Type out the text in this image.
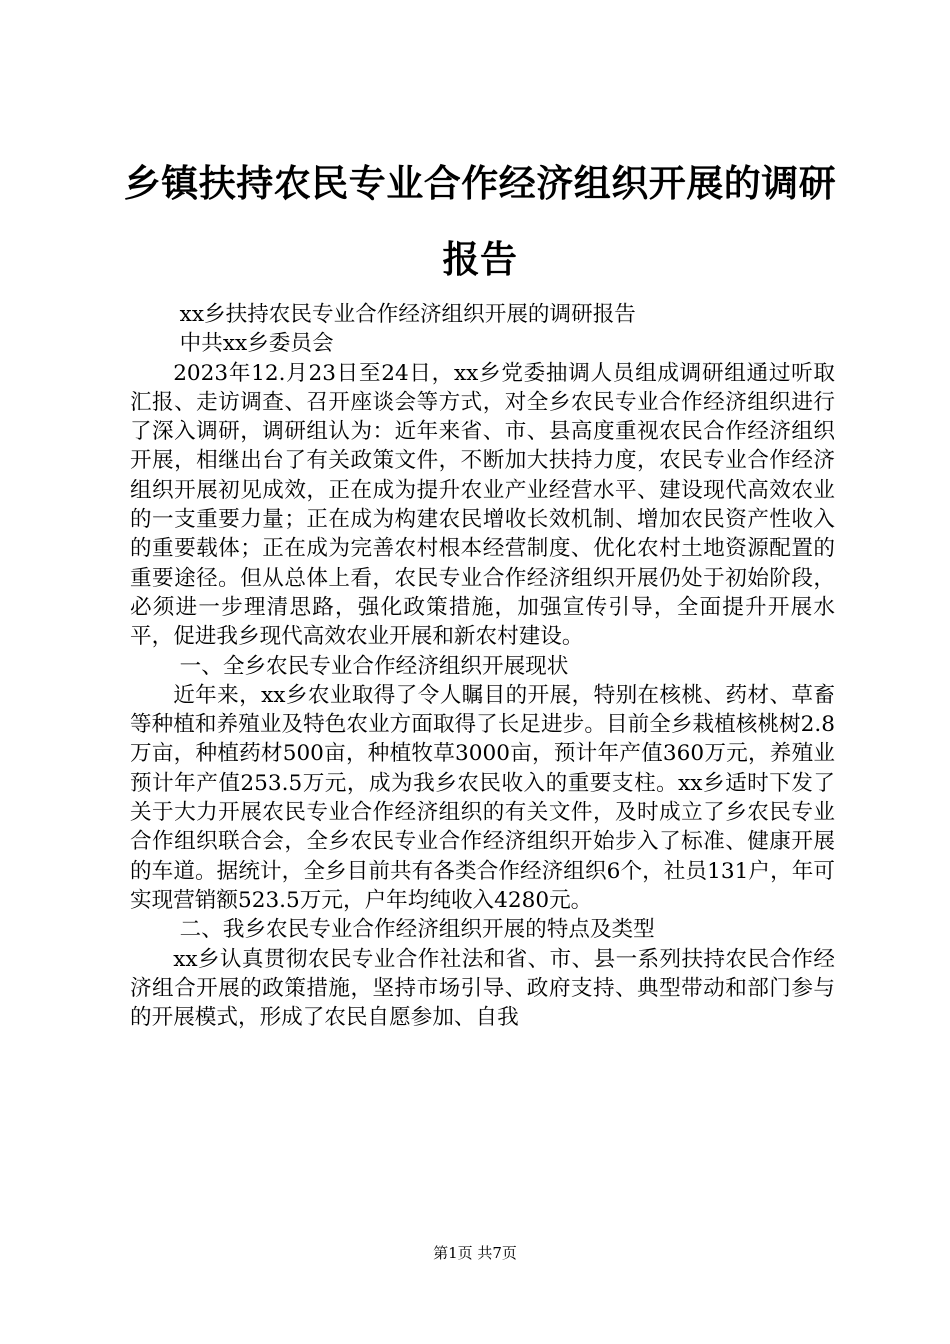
乡镇扶持农民专业合作经济组织开展的调研报告

xx乡扶持农民专业合作经济组织开展的调研报告

中共xx乡委员会

2023年12.月23日至24日，xx乡党委抽调人员组成调研组通过听取汇报、走访调查、召开座谈会等方式，对全乡农民专业合作经济组织进行了深入调研，调研组认为：近年来省、市、县高度重视农民合作经济组织开展，相继出台了有关政策文件，不断加大扶持力度，农民专业合作经济组织开展初见成效，正在成为提升农业产业经营水平、建设现代高效农业的一支重要力量；正在成为构建农民增收长效机制、增加农民资产性收入的重要载体；正在成为完善农村根本经营制度、优化农村土地资源配置的重要途径。但从总体上看，农民专业合作经济组织开展仍处于初始阶段，必须进一步理清思路，强化政策措施，加强宣传引导，全面提升开展水平，促进我乡现代高效农业开展和新农村建设。

一、全乡农民专业合作经济组织开展现状

近年来，xx乡农业取得了令人瞩目的开展，特别在核桃、药材、草畜等种植和养殖业及特色农业方面取得了长足进步。目前全乡栽植核桃树2.8万亩，种植药材500亩，种植牧草3000亩，预计年产值360万元，养殖业预计年产值253.5万元，成为我乡农民收入的重要支柱。xx乡适时下发了关于大力开展农民专业合作经济组织的有关文件，及时成立了乡农民专业合作组织联合会，全乡农民专业合作经济组织开始步入了标准、健康开展的车道。据统计，全乡目前共有各类合作经济组织6个，社员131户，年可实现营销额523.5万元，户年均纯收入4280元。

二、我乡农民专业合作经济组织开展的特点及类型

xx乡认真贯彻农民专业合作社法和省、市、县一系列扶持农民合作经济组合开展的政策措施，坚持市场引导、政府支持、典型带动和部门参与的开展模式，形成了农民自愿参加、自我

第1页 共7页
